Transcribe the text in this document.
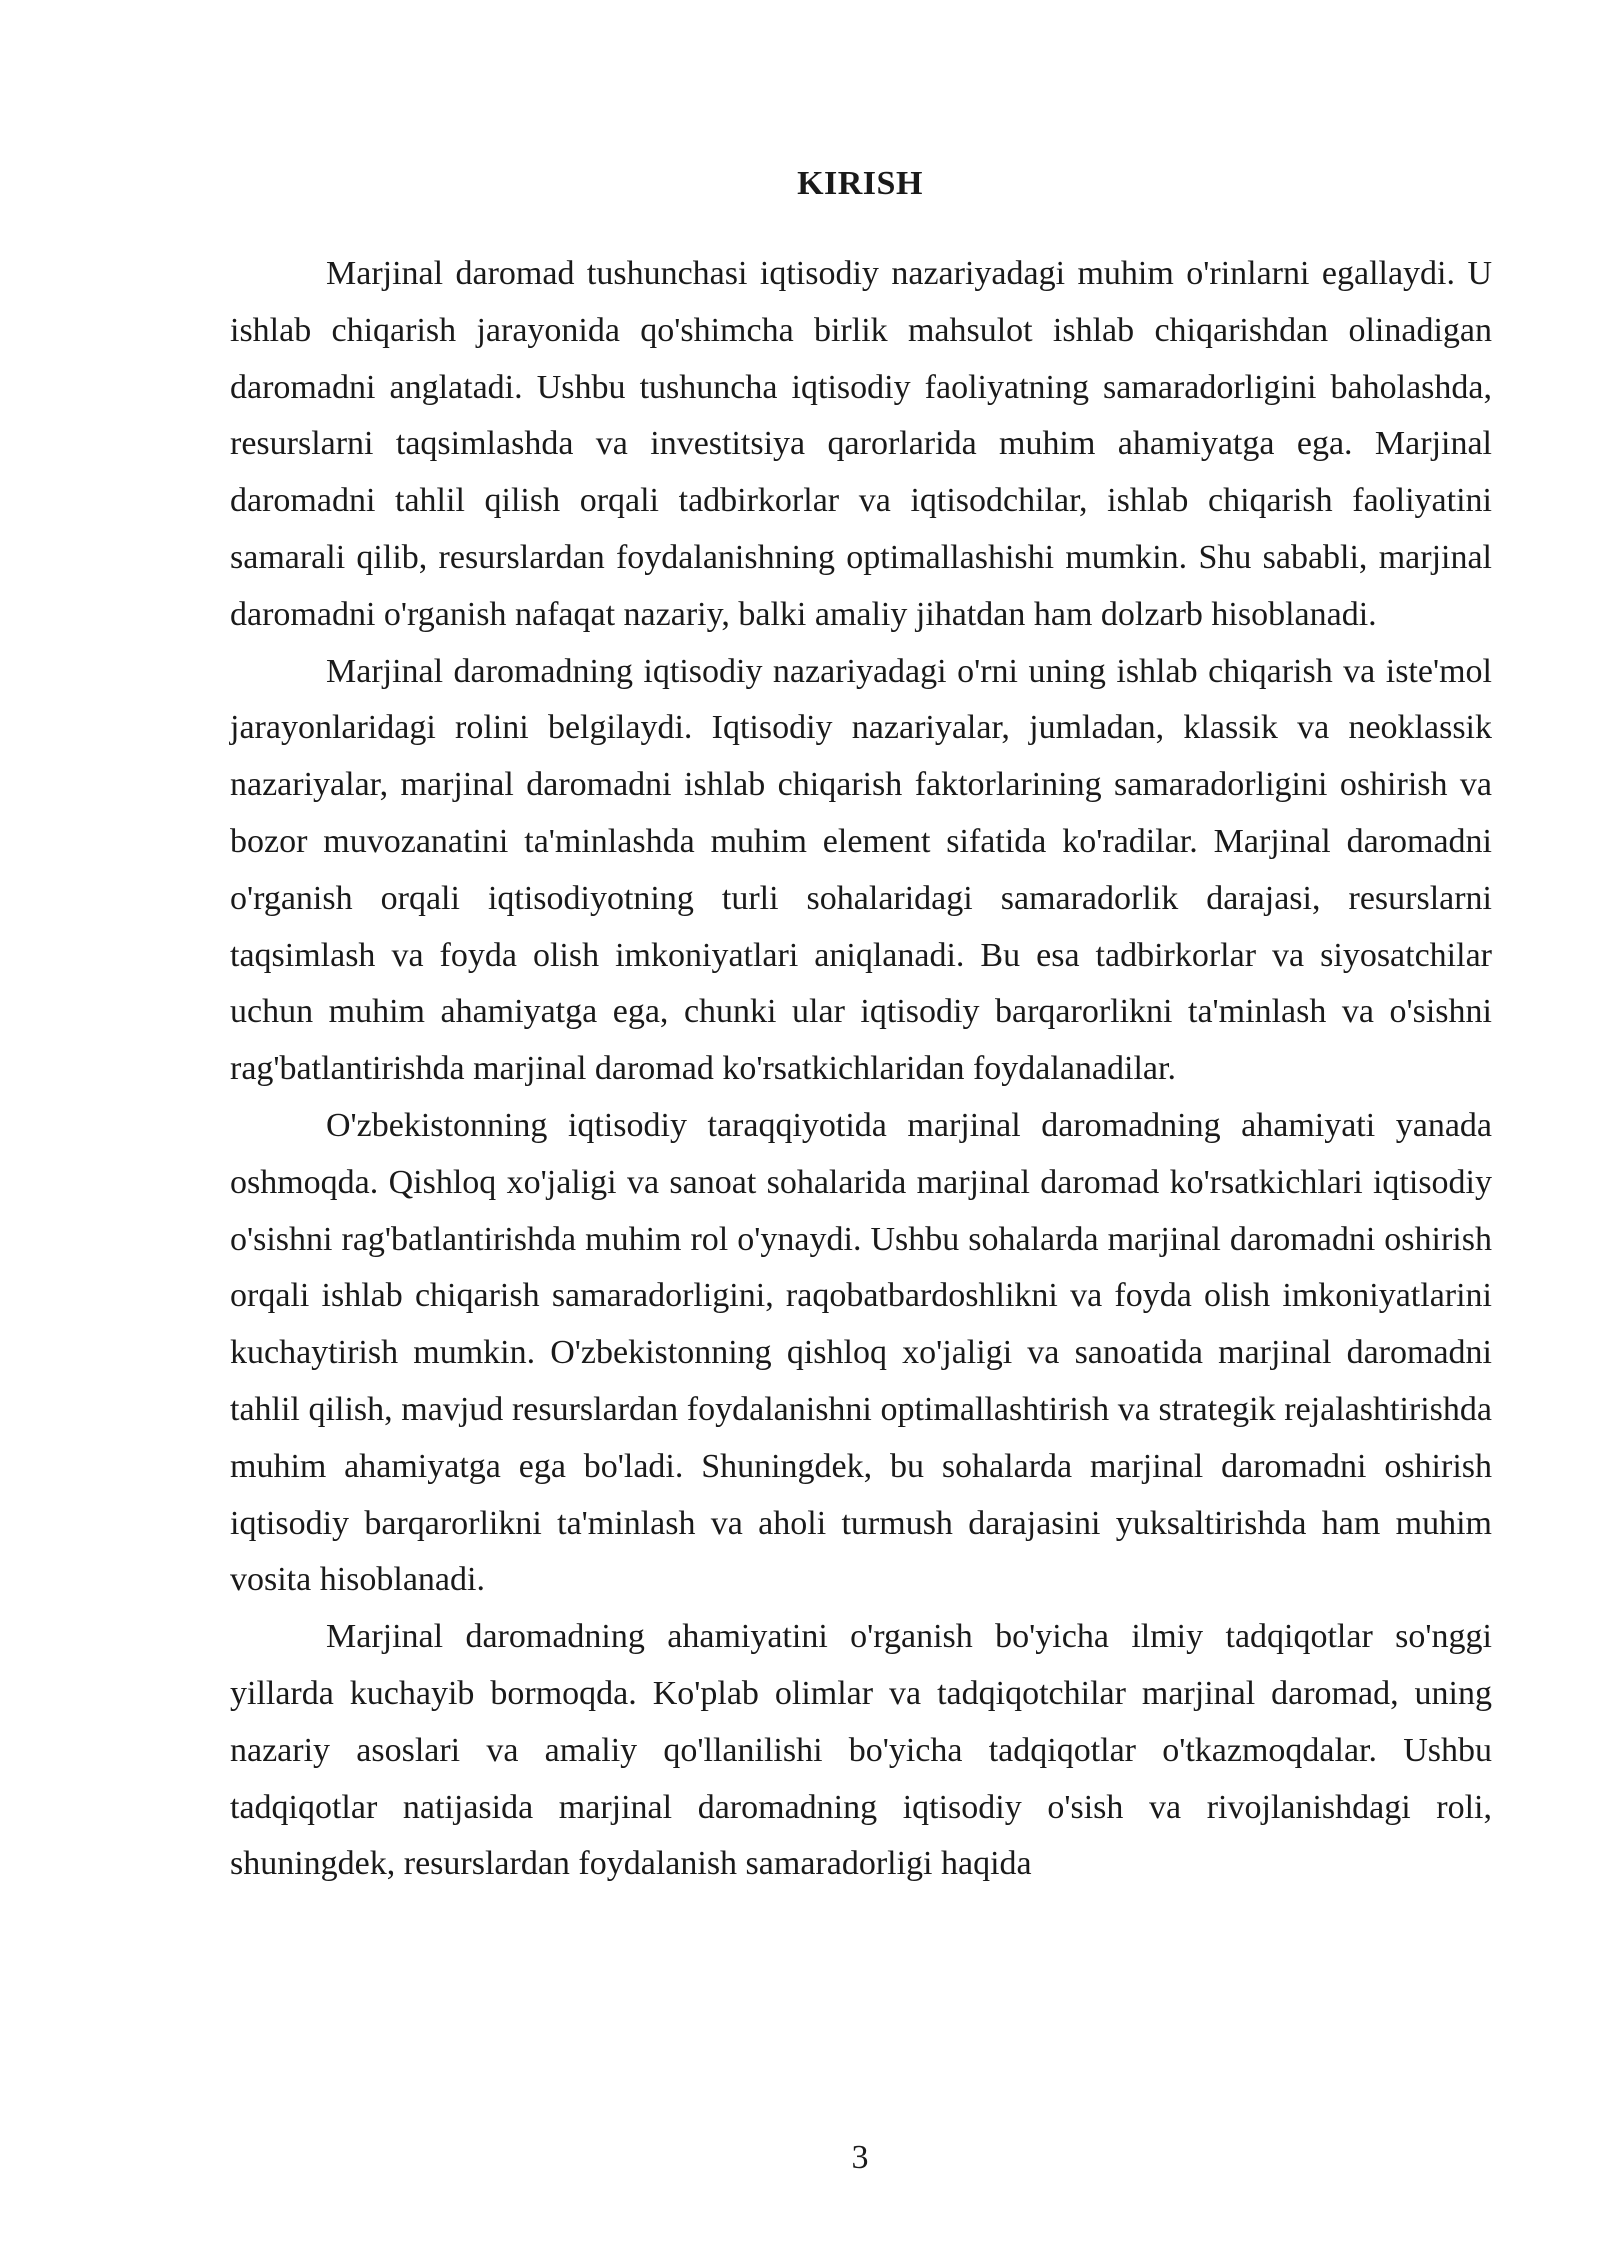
KIRISH

Marjinal daromad tushunchasi iqtisodiy nazariyadagi muhim o'rinlarni egallaydi. U ishlab chiqarish jarayonida qo'shimcha birlik mahsulot ishlab chiqarishdan olinadigan daromadni anglatadi. Ushbu tushuncha iqtisodiy faoliyatning samaradorligini baholashda, resurslarni taqsimlashda va investitsiya qarorlarida muhim ahamiyatga ega. Marjinal daromadni tahlil qilish orqali tadbirkorlar va iqtisodchilar, ishlab chiqarish faoliyatini samarali qilib, resurslardan foydalanishning optimallashishi mumkin. Shu sababli, marjinal daromadni o'rganish nafaqat nazariy, balki amaliy jihatdan ham dolzarb hisoblanadi.

Marjinal daromadning iqtisodiy nazariyadagi o'rni uning ishlab chiqarish va iste'mol jarayonlaridagi rolini belgilaydi. Iqtisodiy nazariyalar, jumladan, klassik va neoklassik nazariyalar, marjinal daromadni ishlab chiqarish faktorlarining samaradorligini oshirish va bozor muvozanatini ta'minlashda muhim element sifatida ko'radilar. Marjinal daromadni o'rganish orqali iqtisodiyotning turli sohalaridagi samaradorlik darajasi, resurslarni taqsimlash va foyda olish imkoniyatlari aniqlanadi. Bu esa tadbirkorlar va siyosatchilar uchun muhim ahamiyatga ega, chunki ular iqtisodiy barqarorlikni ta'minlash va o'sishni rag'batlantirishda marjinal daromad ko'rsatkichlaridan foydalanadilar.

O'zbekistonning iqtisodiy taraqqiyotida marjinal daromadning ahamiyati yanada oshmoqda. Qishloq xo'jaligi va sanoat sohalarida marjinal daromad ko'rsatkichlari iqtisodiy o'sishni rag'batlantirishda muhim rol o'ynaydi. Ushbu sohalarda marjinal daromadni oshirish orqali ishlab chiqarish samaradorligini, raqobatbardoshlikni va foyda olish imkoniyatlarini kuchaytirish mumkin. O'zbekistonning qishloq xo'jaligi va sanoatida marjinal daromadni tahlil qilish, mavjud resurslardan foydalanishni optimallashtirish va strategik rejalashtirishda muhim ahamiyatga ega bo'ladi. Shuningdek, bu sohalarda marjinal daromadni oshirish iqtisodiy barqarorlikni ta'minlash va aholi turmush darajasini yuksaltirishda ham muhim vosita hisoblanadi.

Marjinal daromadning ahamiyatini o'rganish bo'yicha ilmiy tadqiqotlar so'nggi yillarda kuchayib bormoqda. Ko'plab olimlar va tadqiqotchilar marjinal daromad, uning nazariy asoslari va amaliy qo'llanilishi bo'yicha tadqiqotlar o'tkazmoqdalar. Ushbu tadqiqotlar natijasida marjinal daromadning iqtisodiy o'sish va rivojlanishdagi roli, shuningdek, resurslardan foydalanish samaradorligi haqida

3
